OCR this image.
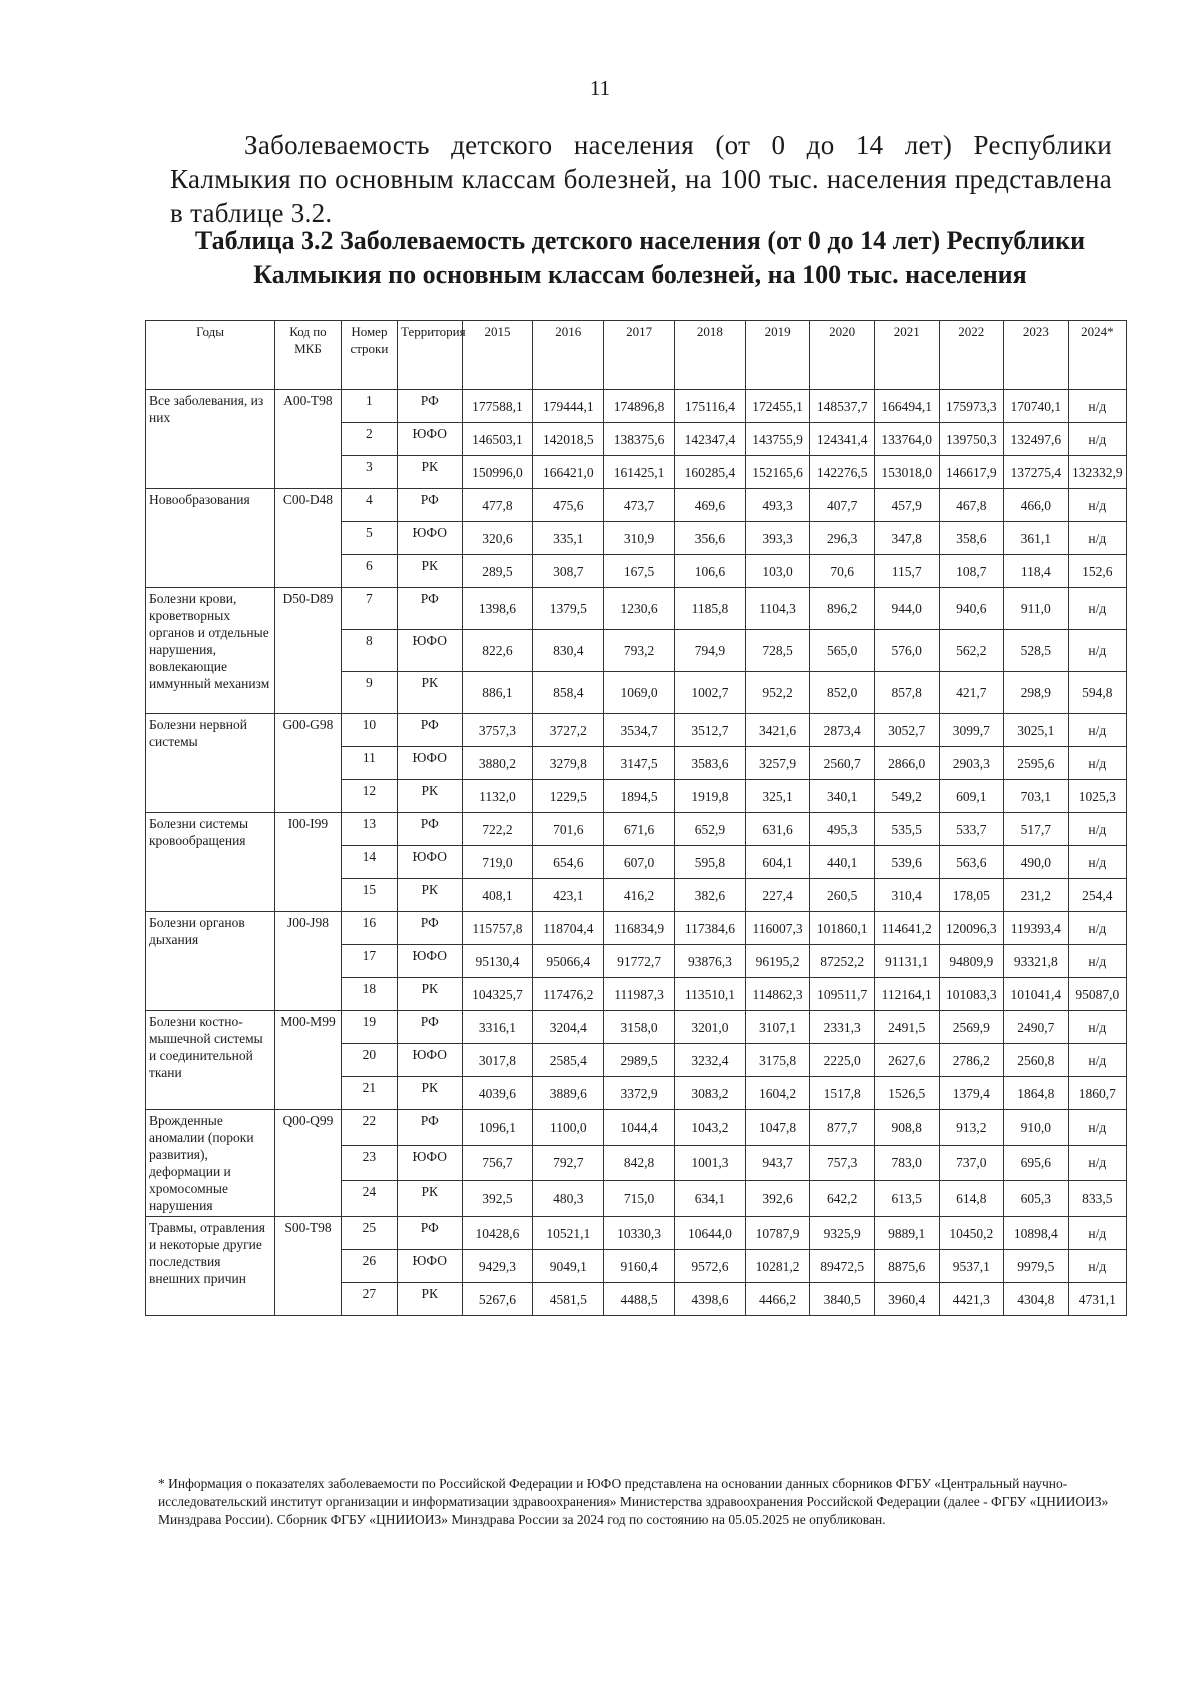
11
Заболеваемость детского населения (от 0 до 14 лет) Республики Калмыкия по основным классам болезней, на 100 тыс. населения представлена в таблице 3.2.
Таблица 3.2 Заболеваемость детского населения (от 0 до 14 лет) Республики Калмыкия по основным классам болезней, на 100 тыс. населения
Годы	Код по МКБ	Номер строки	Территория	2015	2016	2017	2018	2019	2020	2021	2022	2023	2024*
Все заболевания, из них	А00-Т98	1	РФ	177588,1	179444,1	174896,8	175116,4	172455,1	148537,7	166494,1	175973,3	170740,1	н/д
		2	ЮФО	146503,1	142018,5	138375,6	142347,4	143755,9	124341,4	133764,0	139750,3	132497,6	н/д
		3	РК	150996,0	166421,0	161425,1	160285,4	152165,6	142276,5	153018,0	146617,9	137275,4	132332,9
Новообразования	С00-D48	4	РФ	477,8	475,6	473,7	469,6	493,3	407,7	457,9	467,8	466,0	н/д
		5	ЮФО	320,6	335,1	310,9	356,6	393,3	296,3	347,8	358,6	361,1	н/д
		6	РК	289,5	308,7	167,5	106,6	103,0	70,6	115,7	108,7	118,4	152,6
Болезни крови, кроветворных органов и отдельные нарушения, вовлекающие иммунный механизм	D50-D89	7	РФ	1398,6	1379,5	1230,6	1185,8	1104,3	896,2	944,0	940,6	911,0	н/д
		8	ЮФО	822,6	830,4	793,2	794,9	728,5	565,0	576,0	562,2	528,5	н/д
		9	РК	886,1	858,4	1069,0	1002,7	952,2	852,0	857,8	421,7	298,9	594,8
Болезни нервной системы	G00-G98	10	РФ	3757,3	3727,2	3534,7	3512,7	3421,6	2873,4	3052,7	3099,7	3025,1	н/д
		11	ЮФО	3880,2	3279,8	3147,5	3583,6	3257,9	2560,7	2866,0	2903,3	2595,6	н/д
		12	РК	1132,0	1229,5	1894,5	1919,8	325,1	340,1	549,2	609,1	703,1	1025,3
Болезни системы кровообращения	I00-I99	13	РФ	722,2	701,6	671,6	652,9	631,6	495,3	535,5	533,7	517,7	н/д
		14	ЮФО	719,0	654,6	607,0	595,8	604,1	440,1	539,6	563,6	490,0	н/д
		15	РК	408,1	423,1	416,2	382,6	227,4	260,5	310,4	178,05	231,2	254,4
Болезни органов дыхания	J00-J98	16	РФ	115757,8	118704,4	116834,9	117384,6	116007,3	101860,1	114641,2	120096,3	119393,4	н/д
		17	ЮФО	95130,4	95066,4	91772,7	93876,3	96195,2	87252,2	91131,1	94809,9	93321,8	н/д
		18	РК	104325,7	117476,2	111987,3	113510,1	114862,3	109511,7	112164,1	101083,3	101041,4	95087,0
Болезни костно-мышечной системы и соединительной ткани	М00-М99	19	РФ	3316,1	3204,4	3158,0	3201,0	3107,1	2331,3	2491,5	2569,9	2490,7	н/д
		20	ЮФО	3017,8	2585,4	2989,5	3232,4	3175,8	2225,0	2627,6	2786,2	2560,8	н/д
		21	РК	4039,6	3889,6	3372,9	3083,2	1604,2	1517,8	1526,5	1379,4	1864,8	1860,7
Врожденные аномалии (пороки развития), деформации и хромосомные нарушения	Q00-Q99	22	РФ	1096,1	1100,0	1044,4	1043,2	1047,8	877,7	908,8	913,2	910,0	н/д
		23	ЮФО	756,7	792,7	842,8	1001,3	943,7	757,3	783,0	737,0	695,6	н/д
		24	РК	392,5	480,3	715,0	634,1	392,6	642,2	613,5	614,8	605,3	833,5
Травмы, отравления и некоторые другие последствия внешних причин	S00-T98	25	РФ	10428,6	10521,1	10330,3	10644,0	10787,9	9325,9	9889,1	10450,2	10898,4	н/д
		26	ЮФО	9429,3	9049,1	9160,4	9572,6	10281,2	89472,5	8875,6	9537,1	9979,5	н/д
		27	РК	5267,6	4581,5	4488,5	4398,6	4466,2	3840,5	3960,4	4421,3	4304,8	4731,1
* Информация о показателях заболеваемости по Российской Федерации и ЮФО представлена на основании данных сборников ФГБУ «Центральный научно-исследовательский институт организации и информатизации здравоохранения» Министерства здравоохранения Российской Федерации (далее - ФГБУ «ЦНИИОИЗ» Минздрава России). Сборник ФГБУ «ЦНИИОИЗ» Минздрава России за 2024 год по состоянию на 05.05.2025 не опубликован.
